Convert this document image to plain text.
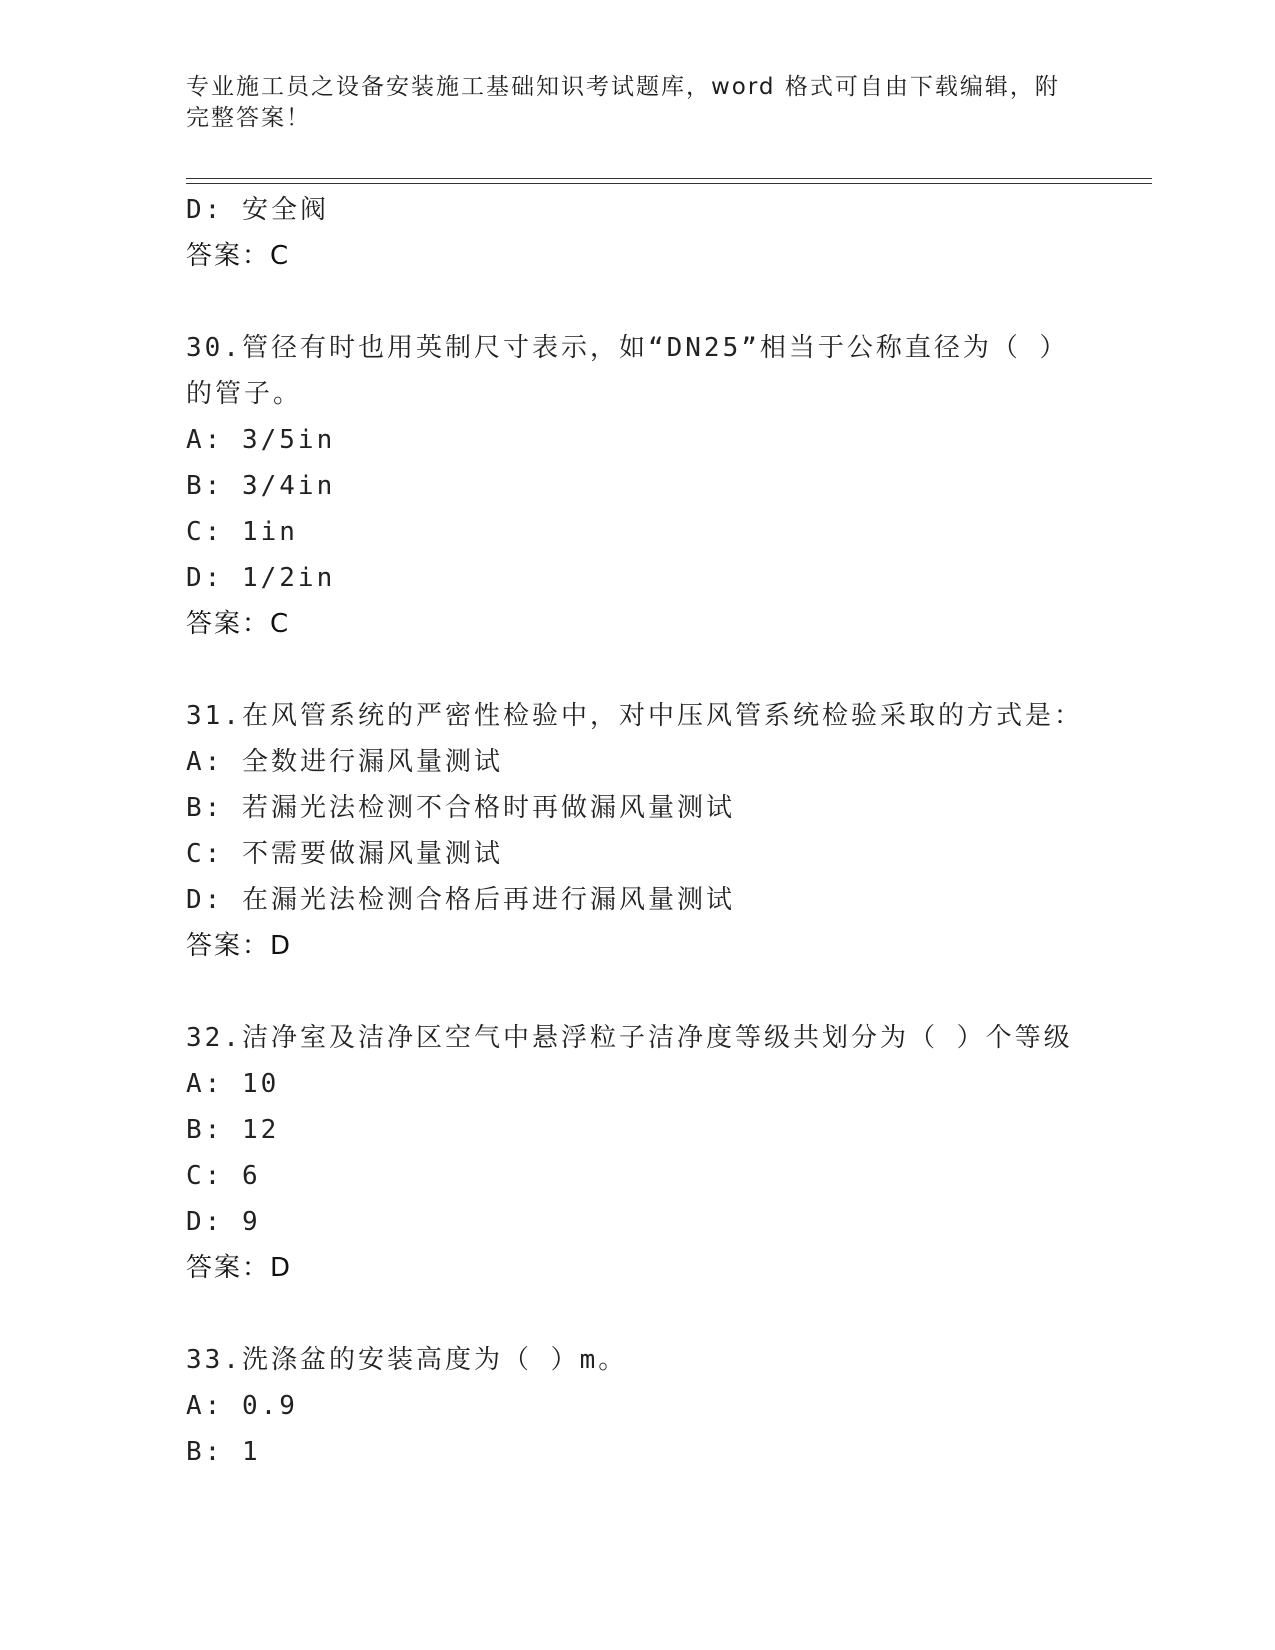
专业施工员之设备安装施工基础知识考试题库，word 格式可自由下载编辑，附完整答案！
D: 安全阀
答案：C
30.管径有时也用英制尺寸表示，如“DN25”相当于公称直径为（ ）
的管子。
A: 3/5in
B: 3/4in
C: 1in
D: 1/2in
答案：C
31.在风管系统的严密性检验中，对中压风管系统检验采取的方式是：
A: 全数进行漏风量测试
B: 若漏光法检测不合格时再做漏风量测试
C: 不需要做漏风量测试
D: 在漏光法检测合格后再进行漏风量测试
答案：D
32.洁净室及洁净区空气中悬浮粒子洁净度等级共划分为（ ）个等级
A: 10
B: 12
C: 6
D: 9
答案：D
33.洗涤盆的安装高度为（ ）m。
A: 0.9
B: 1
